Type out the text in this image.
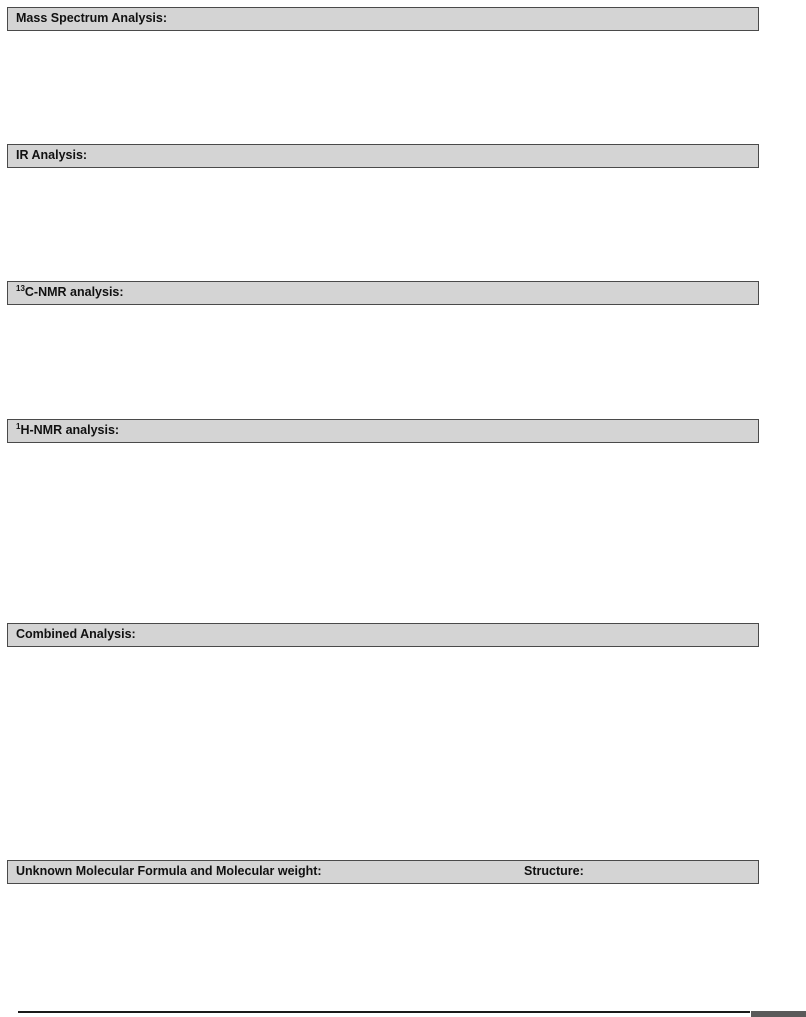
Mass Spectrum Analysis:
IR Analysis:
$^{13}$C-NMR analysis:
$^1$H-NMR analysis:
Combined Analysis:
Unknown Molecular Formula and Molecular weight:	Structure:
